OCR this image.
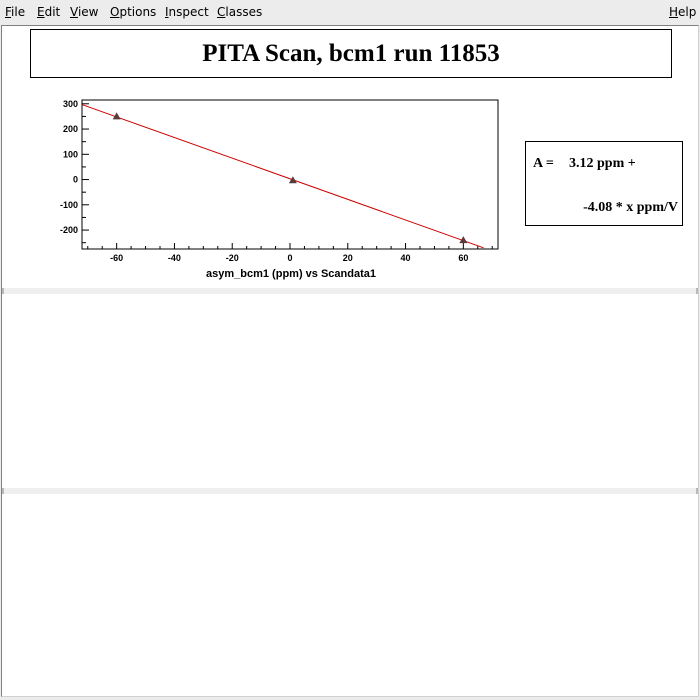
File Edit View Options Inspect Classes	Help
PITA Scan, bcm1 run 11853
-60	-40	-20	0	20	40	60
300
200
100
0
-100
-200
asym_bcm1 (ppm) vs Scandata1
A = 3.12 ppm +
-4.08 * x ppm/V
